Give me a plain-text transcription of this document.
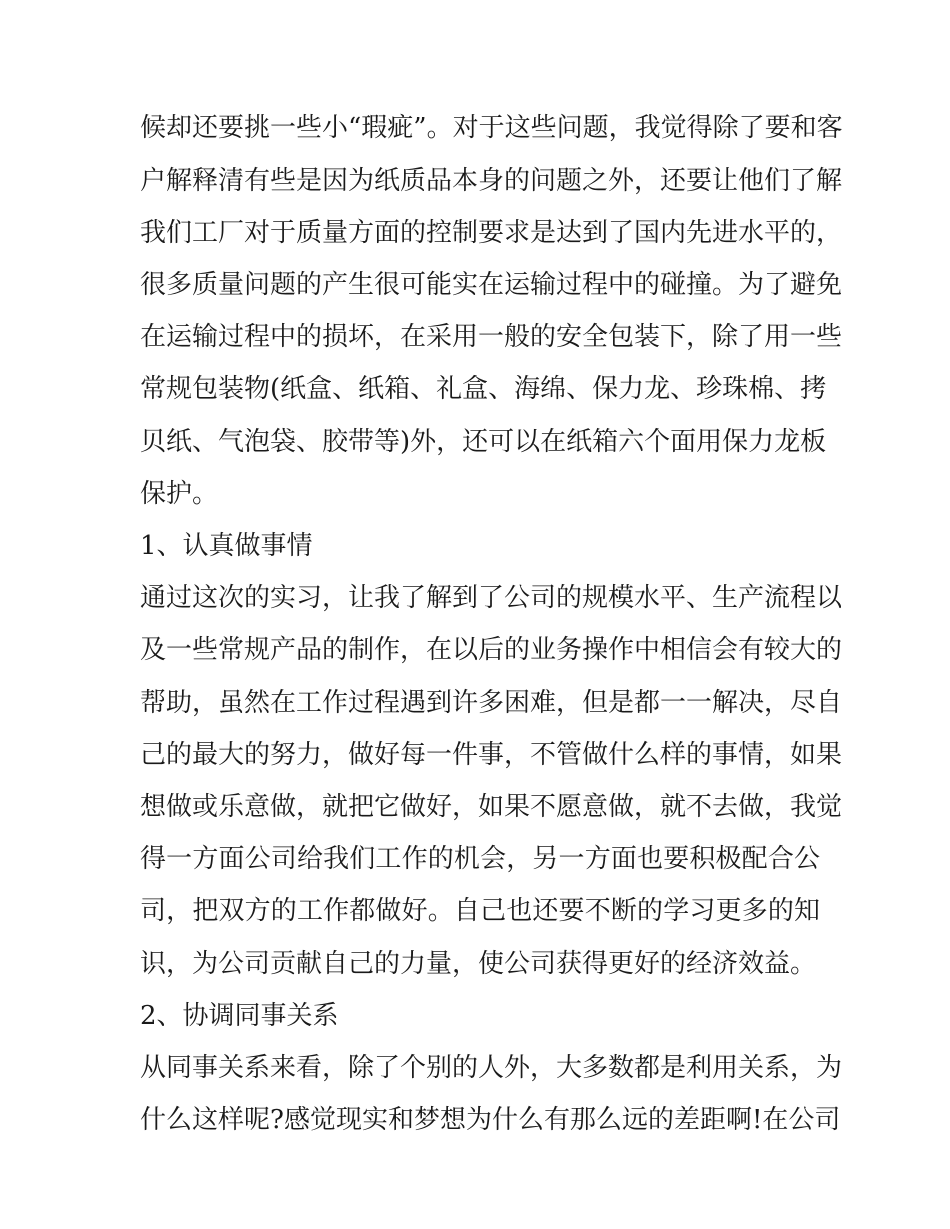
候却还要挑一些小“瑕疵”。对于这些问题，我觉得除了要和客

户解释清有些是因为纸质品本身的问题之外，还要让他们了解

我们工厂对于质量方面的控制要求是达到了国内先进水平的，

很多质量问题的产生很可能实在运输过程中的碰撞。为了避免

在运输过程中的损坏，在采用一般的安全包装下，除了用一些

常规包装物(纸盒、纸箱、礼盒、海绵、保力龙、珍珠棉、拷

贝纸、气泡袋、胶带等)外，还可以在纸箱六个面用保力龙板

保护。

1、认真做事情

通过这次的实习，让我了解到了公司的规模水平、生产流程以

及一些常规产品的制作，在以后的业务操作中相信会有较大的

帮助，虽然在工作过程遇到许多困难，但是都一一解决，尽自

己的最大的努力，做好每一件事，不管做什么样的事情，如果

想做或乐意做，就把它做好，如果不愿意做，就不去做，我觉

得一方面公司给我们工作的机会，另一方面也要积极配合公

司，把双方的工作都做好。自己也还要不断的学习更多的知

识，为公司贡献自己的力量，使公司获得更好的经济效益。

2、协调同事关系

从同事关系来看，除了个别的人外，大多数都是利用关系，为

什么这样呢?感觉现实和梦想为什么有那么远的差距啊!在公司
